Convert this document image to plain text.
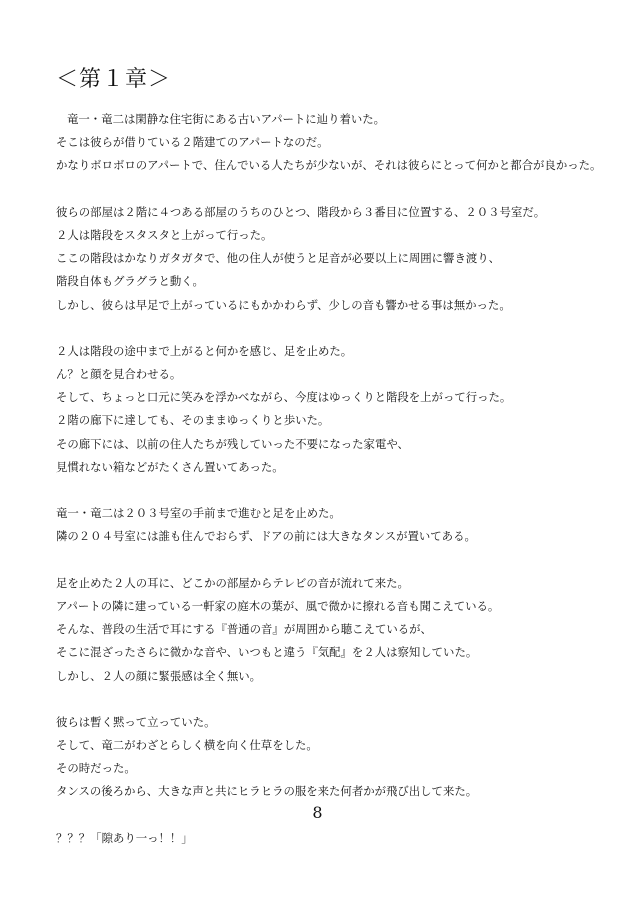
＜第１章＞
竜一・竜二は閑静な住宅街にある古いアパートに辿り着いた。
そこは彼らが借りている２階建てのアパートなのだ。
かなりボロボロのアパートで、住んでいる人たちが少ないが、それは彼らにとって何かと都合が良かった。
彼らの部屋は２階に４つある部屋のうちのひとつ、階段から３番目に位置する、２０３号室だ。
２人は階段をスタスタと上がって行った。
ここの階段はかなりガタガタで、他の住人が使うと足音が必要以上に周囲に響き渡り、
階段自体もグラグラと動く。
しかし、彼らは早足で上がっているにもかかわらず、少しの音も響かせる事は無かった。
２人は階段の途中まで上がると何かを感じ、足を止めた。
ん？と顔を見合わせる。
そして、ちょっと口元に笑みを浮かべながら、今度はゆっくりと階段を上がって行った。
２階の廊下に達しても、そのままゆっくりと歩いた。
その廊下には、以前の住人たちが残していった不要になった家電や、
見慣れない箱などがたくさん置いてあった。
竜一・竜二は２０３号室の手前まで進むと足を止めた。
隣の２０４号室には誰も住んでおらず、ドアの前には大きなタンスが置いてある。
足を止めた２人の耳に、どこかの部屋からテレビの音が流れて来た。
アパートの隣に建っている一軒家の庭木の葉が、風で微かに擦れる音も聞こえている。
そんな、普段の生活で耳にする『普通の音』が周囲から聴こえているが、
そこに混ざったさらに微かな音や、いつもと違う『気配』を２人は察知していた。
しかし、２人の顔に緊張感は全く無い。
彼らは暫く黙って立っていた。
そして、竜二がわざとらしく横を向く仕草をした。
その時だった。
タンスの後ろから、大きな声と共にヒラヒラの服を来た何者かが飛び出して来た。
？？？「隙あり一っ！！」
8
